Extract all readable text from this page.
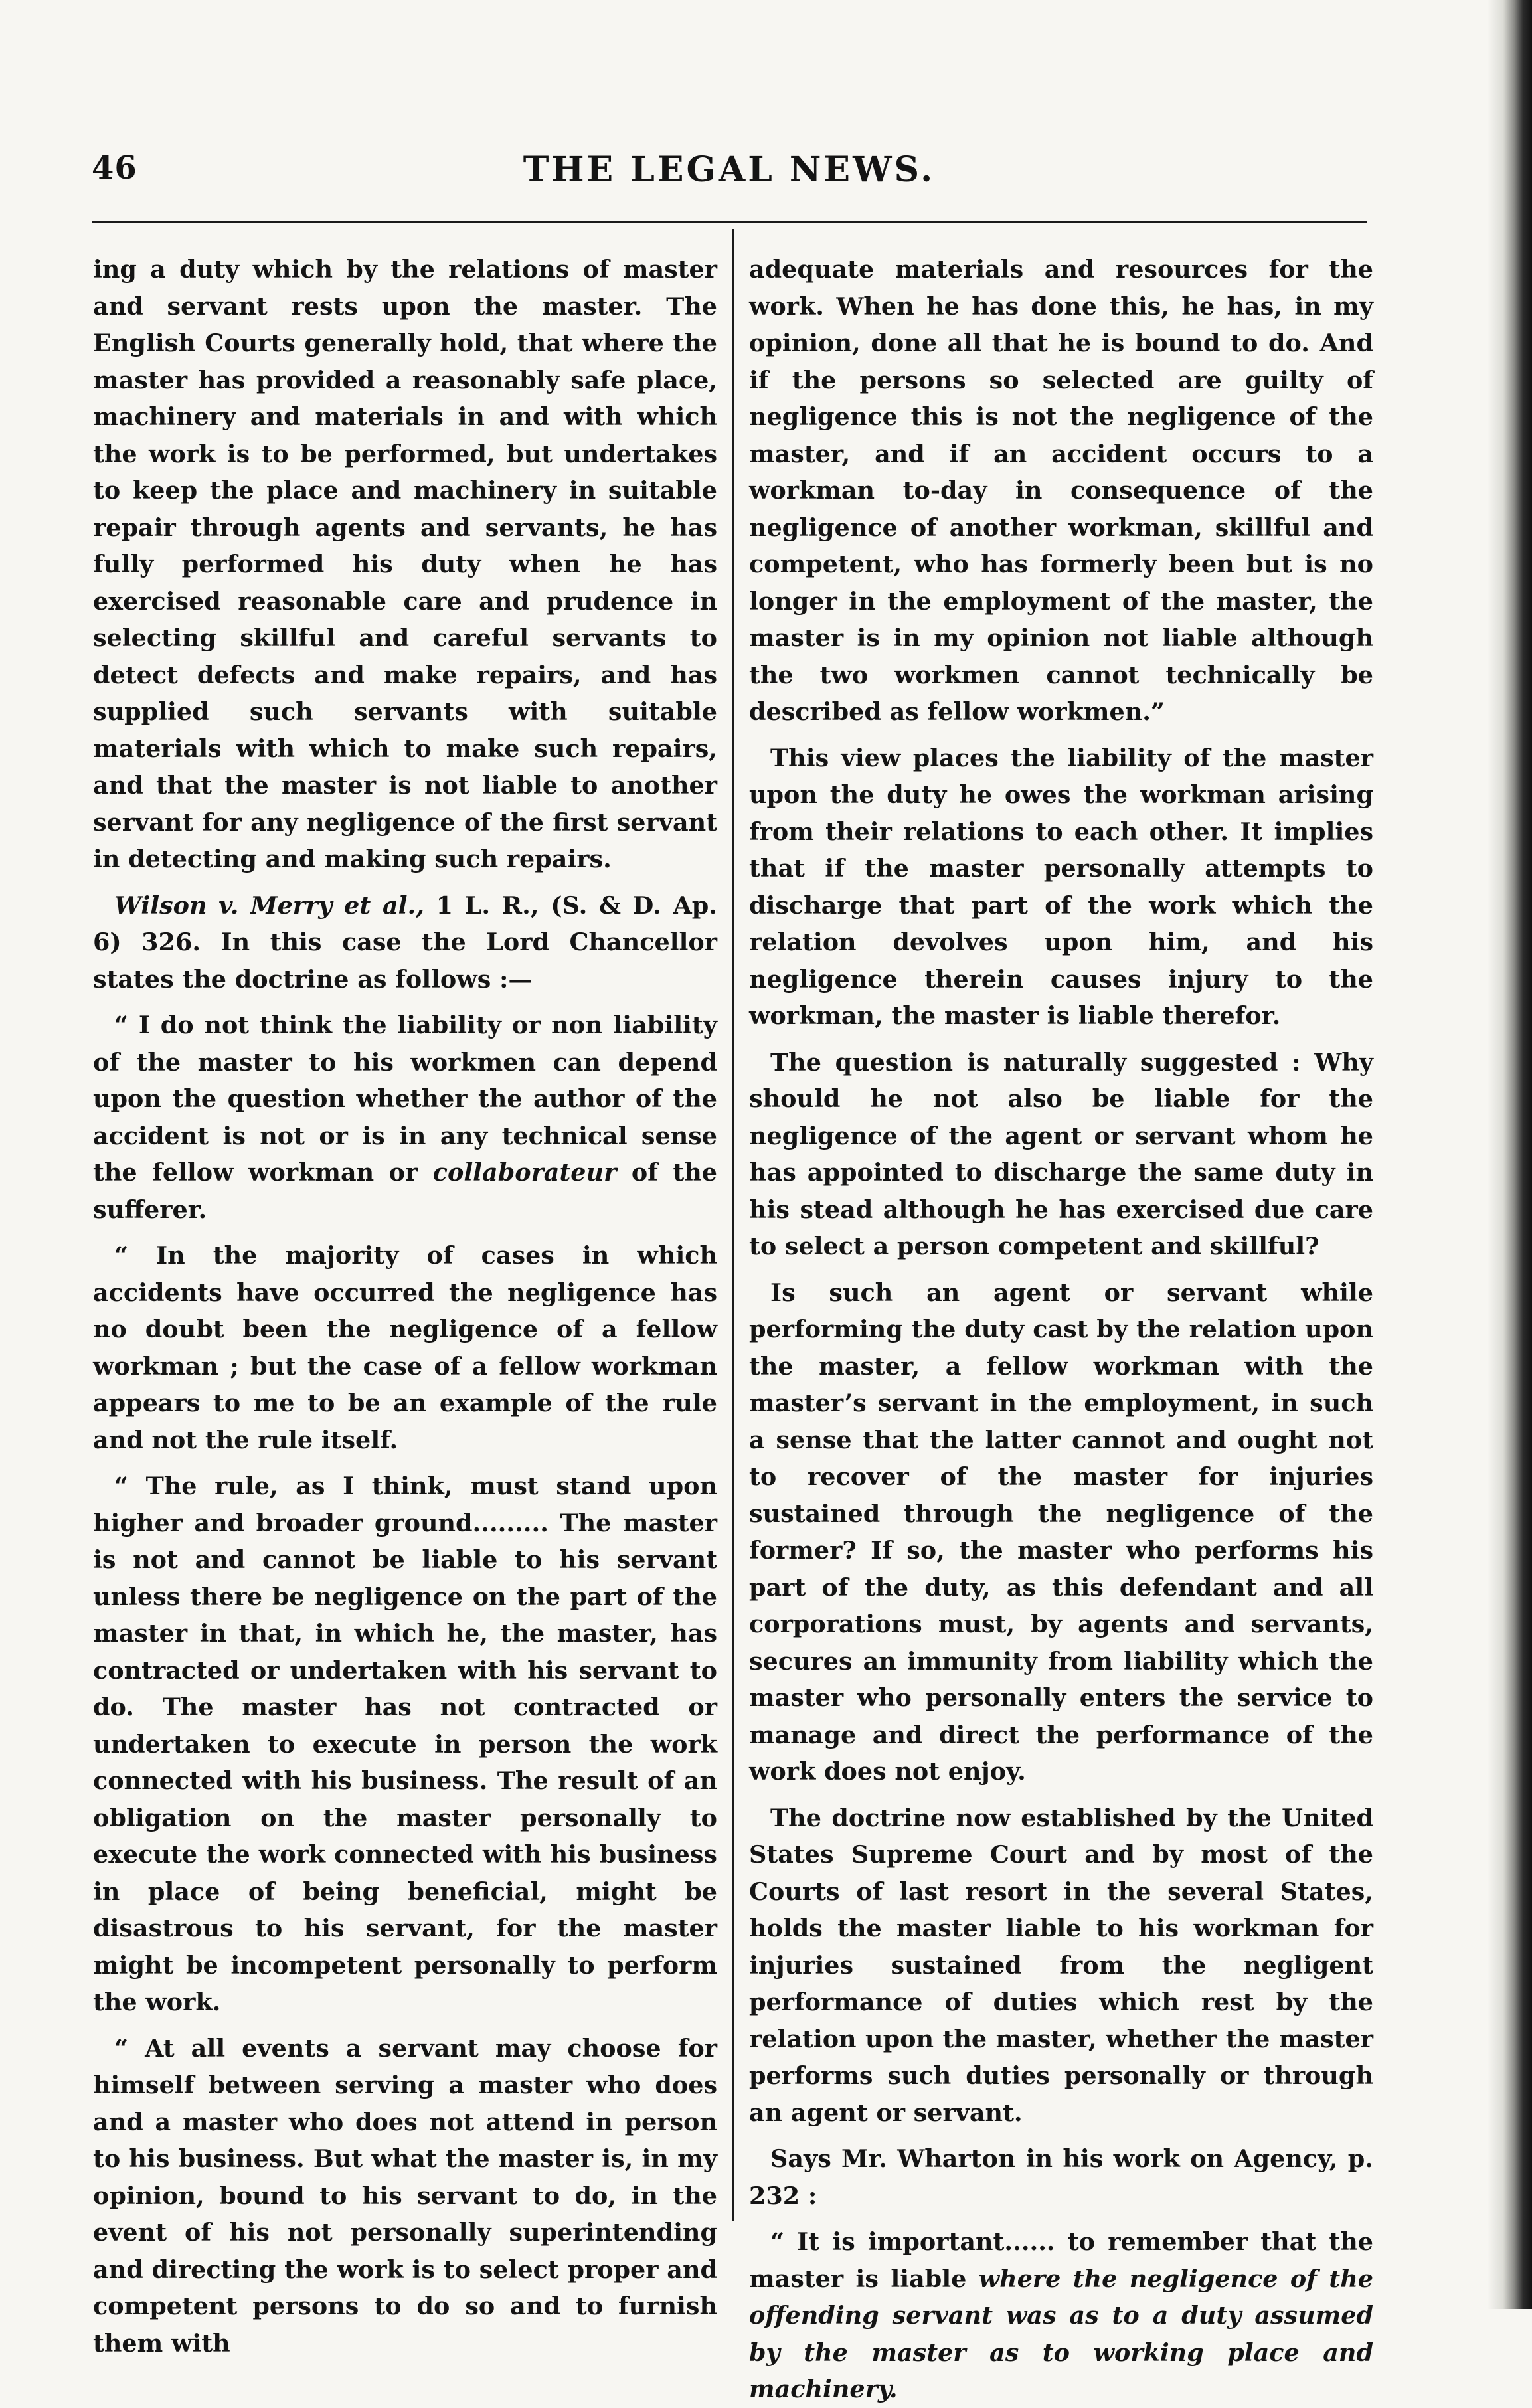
46	THE LEGAL NEWS.

ing a duty which by the relations of master and servant rests upon the master. The English Courts generally hold, that where the master has provided a reasonably safe place, machinery and materials in and with which the work is to be performed, but undertakes to keep the place and machinery in suitable repair through agents and servants, he has fully performed his duty when he has exercised reasonable care and prudence in selecting skillful and careful servants to detect defects and make repairs, and has supplied such servants with suitable materials with which to make such repairs, and that the master is not liable to another servant for any negligence of the first servant in detecting and making such repairs.

Wilson v. Merry et al., 1 L. R., (S. & D. Ap. 6) 326. In this case the Lord Chancellor states the doctrine as follows :—

“ I do not think the liability or non liability of the master to his workmen can depend upon the question whether the author of the accident is not or is in any technical sense the fellow workman or collaborateur of the sufferer.

“ In the majority of cases in which accidents have occurred the negligence has no doubt been the negligence of a fellow workman ; but the case of a fellow workman appears to me to be an example of the rule and not the rule itself.

“ The rule, as I think, must stand upon higher and broader ground......... The master is not and cannot be liable to his servant unless there be negligence on the part of the master in that, in which he, the master, has contracted or undertaken with his servant to do. The master has not contracted or undertaken to execute in person the work connected with his business. The result of an obligation on the master personally to execute the work connected with his business in place of being beneficial, might be disastrous to his servant, for the master might be incompetent personally to perform the work.

“ At all events a servant may choose for himself between serving a master who does and a master who does not attend in person to his business. But what the master is, in my opinion, bound to his servant to do, in the event of his not personally superintending and directing the work is to select proper and competent persons to do so and to furnish them with

adequate materials and resources for the work. When he has done this, he has, in my opinion, done all that he is bound to do. And if the persons so selected are guilty of negligence this is not the negligence of the master, and if an accident occurs to a workman to-day in consequence of the negligence of another workman, skillful and competent, who has formerly been but is no longer in the employment of the master, the master is in my opinion not liable although the two workmen cannot technically be described as fellow workmen.”

This view places the liability of the master upon the duty he owes the workman arising from their relations to each other. It implies that if the master personally attempts to discharge that part of the work which the relation devolves upon him, and his negligence therein causes injury to the workman, the master is liable therefor.

The question is naturally suggested : Why should he not also be liable for the negligence of the agent or servant whom he has appointed to discharge the same duty in his stead although he has exercised due care to select a person competent and skillful?

Is such an agent or servant while performing the duty cast by the relation upon the master, a fellow workman with the master’s servant in the employment, in such a sense that the latter cannot and ought not to recover of the master for injuries sustained through the negligence of the former? If so, the master who performs his part of the duty, as this defendant and all corporations must, by agents and servants, secures an immunity from liability which the master who personally enters the service to manage and direct the performance of the work does not enjoy.

The doctrine now established by the United States Supreme Court and by most of the Courts of last resort in the several States, holds the master liable to his workman for injuries sustained from the negligent performance of duties which rest by the relation upon the master, whether the master performs such duties personally or through an agent or servant.

Says Mr. Wharton in his work on Agency, p. 232 :

“ It is important...... to remember that the master is liable where the negligence of the offending servant was as to a duty assumed by the master as to working place and machinery.
